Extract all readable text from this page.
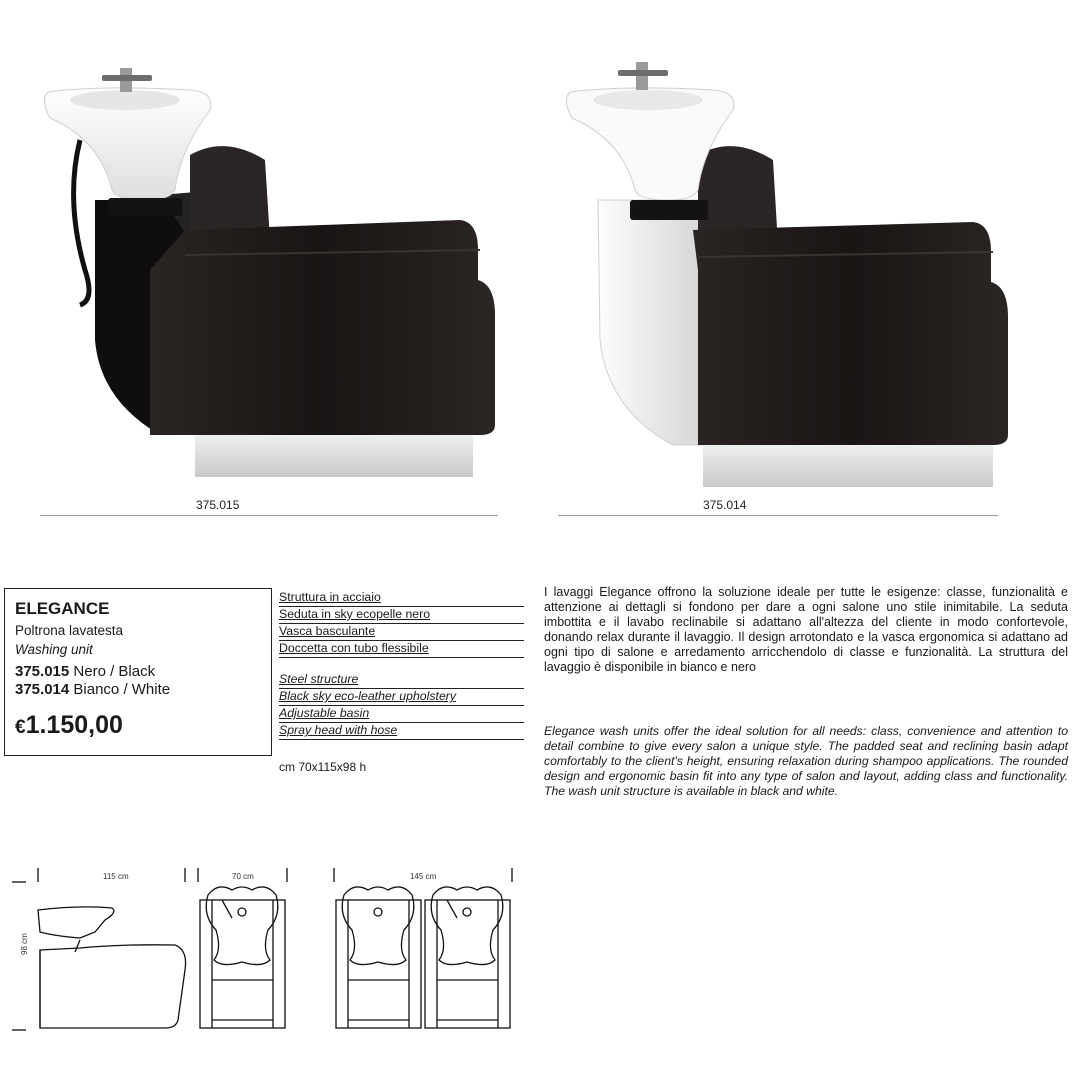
375.015	375.014
ELEGANCE
Poltrona lavatesta
Washing unit
375.015 Nero / Black
375.014 Bianco / White
€1.150,00
Struttura in acciaio
Seduta in sky ecopelle nero
Vasca basculante
Doccetta con tubo flessibile
Steel structure
Black sky eco-leather upholstery
Adjustable basin
Spray head with hose
cm 70x115x98 h

I lavaggi Elegance offrono la soluzione ideale per tutte le esigenze: classe, funzionalità e attenzione ai dettagli si fondono per dare a ogni salone uno stile inimitabile. La seduta imbottita e il lavabo reclinabile si adattano all'altezza del cliente in modo confortevole, donando relax durante il lavaggio. Il design arrotondato e la vasca ergonomica si adattano ad ogni tipo di salone e arredamento arricchendolo di classe e funzionalità. La struttura del lavaggio è disponibile in bianco e nero

Elegance wash units offer the ideal solution for all needs: class, convenience and attention to detail combine to give every salon a unique style. The padded seat and reclining basin adapt comfortably to the client's height, ensuring relaxation during shampoo applications. The rounded design and ergonomic basin fit into any type of salon and layout, adding class and functionality. The wash unit structure is available in black and white.

115 cm
98 cm
70 cm	145 cm
